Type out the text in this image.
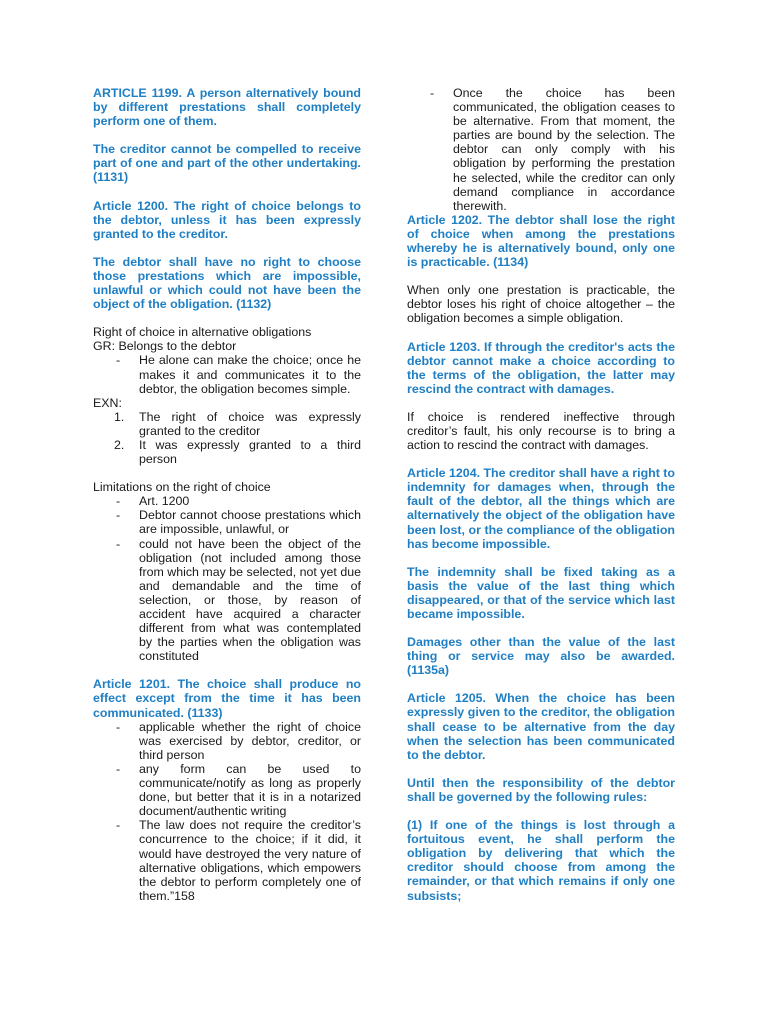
ARTICLE 1199. A person alternatively bound by different prestations shall completely perform one of them.

The creditor cannot be compelled to receive part of one and part of the other undertaking. (1131)

Article 1200. The right of choice belongs to the debtor, unless it has been expressly granted to the creditor.

The debtor shall have no right to choose those prestations which are impossible, unlawful or which could not have been the object of the obligation. (1132)

Right of choice in alternative obligations

GR: Belongs to the debtor

- He alone can make the choice; once he makes it and communicates it to the debtor, the obligation becomes simple.

EXN:

1. The right of choice was expressly granted to the creditor
2. It was expressly granted to a third person

Limitations on the right of choice

- Art. 1200
- Debtor cannot choose prestations which are impossible, unlawful, or
- could not have been the object of the obligation (not included among those from which may be selected, not yet due and demandable and the time of selection, or those, by reason of accident have acquired a character different from what was contemplated by the parties when the obligation was constituted

Article 1201. The choice shall produce no effect except from the time it has been communicated. (1133)

- applicable whether the right of choice was exercised by debtor, creditor, or third person
- any form can be used to communicate/notify as long as properly done, but better that it is in a notarized document/authentic writing
- The law does not require the creditor’s concurrence to the choice; if it did, it would have destroyed the very nature of alternative obligations, which empowers the debtor to perform completely one of them.”158
- Once the choice has been communicated, the obligation ceases to be alternative. From that moment, the parties are bound by the selection. The debtor can only comply with his obligation by performing the prestation he selected, while the creditor can only demand compliance in accordance therewith.

Article 1202. The debtor shall lose the right of choice when among the prestations whereby he is alternatively bound, only one is practicable. (1134)

When only one prestation is practicable, the debtor loses his right of choice altogether – the obligation becomes a simple obligation.

Article 1203. If through the creditor's acts the debtor cannot make a choice according to the terms of the obligation, the latter may rescind the contract with damages.

If choice is rendered ineffective through creditor’s fault, his only recourse is to bring a action to rescind the contract with damages.

Article 1204. The creditor shall have a right to indemnity for damages when, through the fault of the debtor, all the things which are alternatively the object of the obligation have been lost, or the compliance of the obligation has become impossible.

The indemnity shall be fixed taking as a basis the value of the last thing which disappeared, or that of the service which last became impossible.

Damages other than the value of the last thing or service may also be awarded. (1135a)

Article 1205. When the choice has been expressly given to the creditor, the obligation shall cease to be alternative from the day when the selection has been communicated to the debtor.

Until then the responsibility of the debtor shall be governed by the following rules:

(1) If one of the things is lost through a fortuitous event, he shall perform the obligation by delivering that which the creditor should choose from among the remainder, or that which remains if only one subsists;
